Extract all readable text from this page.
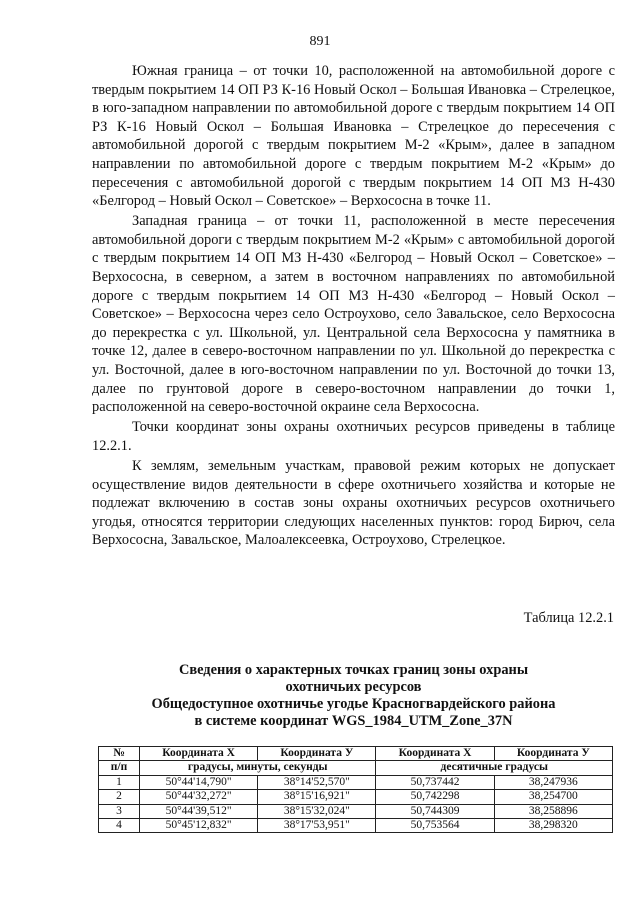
891

Южная граница – от точки 10, расположенной на автомобильной дороге с твердым покрытием 14 ОП РЗ К-16 Новый Оскол – Большая Ивановка – Стрелецкое, в юго-западном направлении по автомобильной дороге с твердым покрытием 14 ОП РЗ К-16 Новый Оскол – Большая Ивановка – Стрелецкое до пересечения с автомобильной дорогой с твердым покрытием М-2 «Крым», далее в западном направлении по автомобильной дороге с твердым покрытием М-2 «Крым» до пересечения с автомобильной дорогой с твердым покрытием 14 ОП МЗ Н-430 «Белгород – Новый Оскол – Советское» – Верхососна в точке 11.

Западная граница – от точки 11, расположенной в месте пересечения автомобильной дороги с твердым покрытием М-2 «Крым» с автомобильной дорогой с твердым покрытием 14 ОП МЗ Н-430 «Белгород – Новый Оскол – Советское» – Верхососна, в северном, а затем в восточном направлениях по автомобильной дороге с твердым покрытием 14 ОП МЗ Н-430 «Белгород – Новый Оскол – Советское» – Верхососна через село Остроухово, село Завальское, село Верхососна до перекрестка с ул. Школьной, ул. Центральной села Верхососна у памятника в точке 12, далее в северо-восточном направлении по ул. Школьной до перекрестка с ул. Восточной, далее в юго-восточном направлении по ул. Восточной до точки 13, далее по грунтовой дороге в северо-восточном направлении до точки 1, расположенной на северо-восточной окраине села Верхососна.

Точки координат зоны охраны охотничьих ресурсов приведены в таблице 12.2.1.

К землям, земельным участкам, правовой режим которых не допускает осуществление видов деятельности в сфере охотничьего хозяйства и которые не подлежат включению в состав зоны охраны охотничьих ресурсов охотничьего угодья, относятся территории следующих населенных пунктов: город Бирюч, села Верхососна, Завальское, Малоалексеевка, Остроухово, Стрелецкое.

Таблица 12.2.1
Сведения о характерных точках границ зоны охраны
охотничьих ресурсов
Общедоступное охотничье угодье Красногвардейского района
в системе координат WGS_1984_UTM_Zone_37N
№	Координата X	Координата У	Координата X	Координата У
п/п	градусы, минуты, секунды		десятичные градусы	
1	50°44'14,790"	38°14'52,570"	50,737442	38,247936
2	50°44'32,272"	38°15'16,921"	50,742298	38,254700
3	50°44'39,512"	38°15'32,024"	50,744309	38,258896
4	50°45'12,832"	38°17'53,951"	50,753564	38,298320
